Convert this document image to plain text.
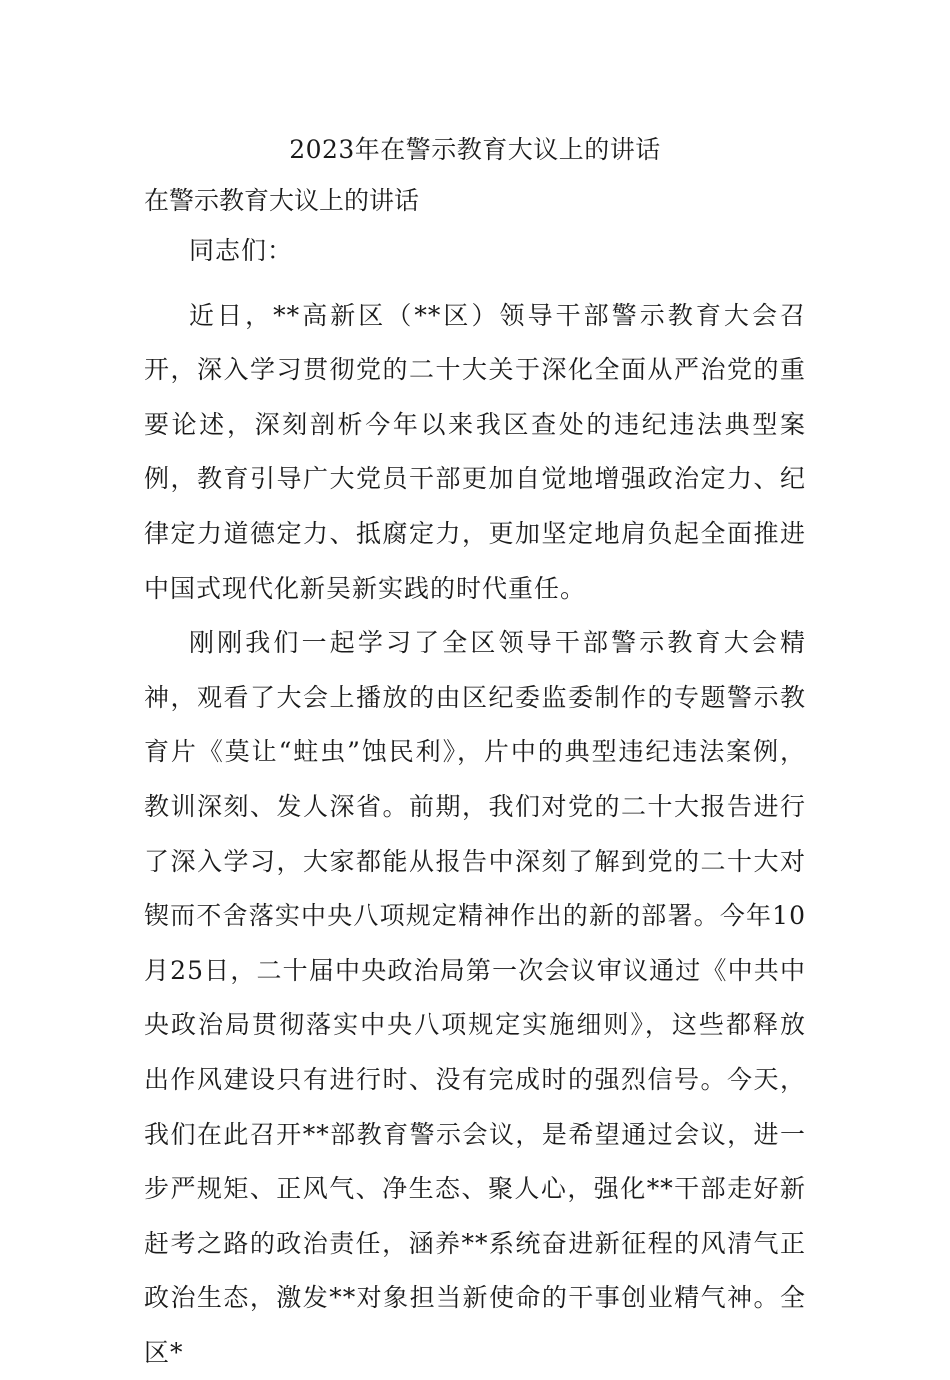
2023年在警示教育大议上的讲话
在警示教育大议上的讲话

同志们：

近日，**高新区（**区）领导干部警示教育大会召开，深入学习贯彻党的二十大关于深化全面从严治党的重要论述，深刻剖析今年以来我区查处的违纪违法典型案例，教育引导广大党员干部更加自觉地增强政治定力、纪律定力道德定力、抵腐定力，更加坚定地肩负起全面推进中国式现代化新吴新实践的时代重任。

刚刚我们一起学习了全区领导干部警示教育大会精神，观看了大会上播放的由区纪委监委制作的专题警示教育片《莫让“蛀虫”蚀民利》，片中的典型违纪违法案例，教训深刻、发人深省。前期，我们对党的二十大报告进行了深入学习，大家都能从报告中深刻了解到党的二十大对锲而不舍落实中央八项规定精神作出的新的部署。今年10月25日，二十届中央政治局第一次会议审议通过《中共中央政治局贯彻落实中央八项规定实施细则》，这些都释放出作风建设只有进行时、没有完成时的强烈信号。今天，我们在此召开**部教育警示会议，是希望通过会议，进一步严规矩、正风气、净生态、聚人心，强化**干部走好新赶考之路的政治责任，涵养**系统奋进新征程的风清气正政治生态，激发**对象担当新使命的干事创业精气神。全区*
